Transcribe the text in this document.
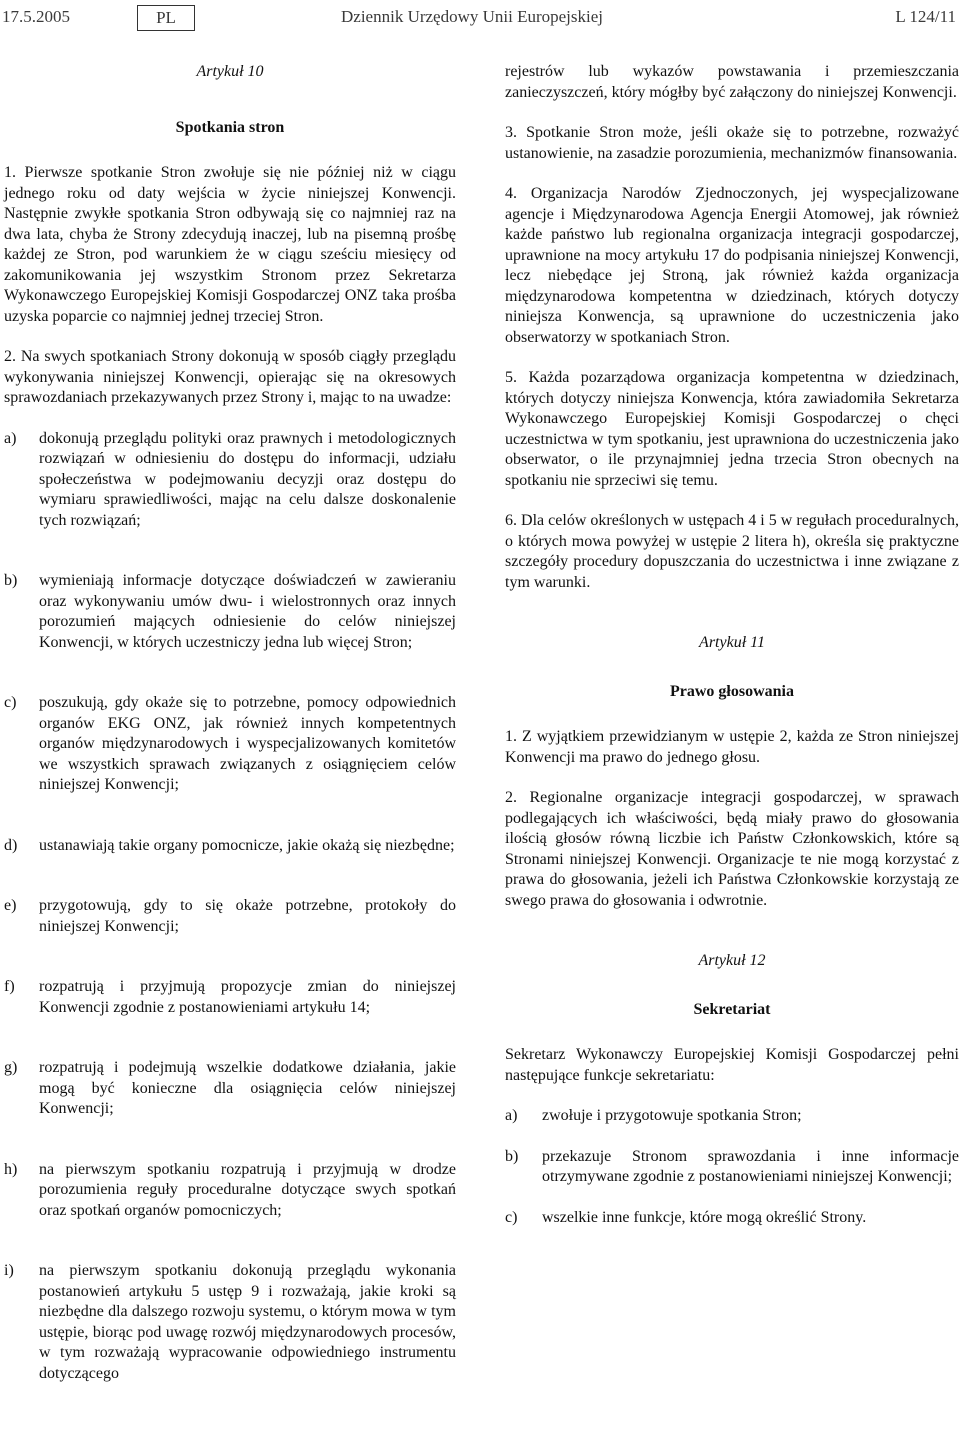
17.5.2005	PL	Dziennik Urzędowy Unii Europejskiej	L 124/11

Artykuł 10

Spotkania stron

1. Pierwsze spotkanie Stron zwołuje się nie później niż w ciągu jednego roku od daty wejścia w życie niniejszej Konwencji. Następnie zwykłe spotkania Stron odbywają się co najmniej raz na dwa lata, chyba że Strony zdecydują inaczej, lub na pisemną prośbę każdej ze Stron, pod warunkiem że w ciągu sześciu miesięcy od zakomunikowania jej wszystkim Stronom przez Sekretarza Wykonawczego Europejskiej Komisji Gospodarczej ONZ taka prośba uzyska poparcie co najmniej jednej trzeciej Stron.

2. Na swych spotkaniach Strony dokonują w sposób ciągły przeglądu wykonywania niniejszej Konwencji, opierając się na okresowych sprawozdaniach przekazywanych przez Strony i, mając to na uwadze:

a)	dokonują przeglądu polityki oraz prawnych i metodologicznych rozwiązań w odniesieniu do dostępu do informacji, udziału społeczeństwa w podejmowaniu decyzji oraz dostępu do wymiaru sprawiedliwości, mając na celu dalsze doskonalenie tych rozwiązań;
b)	wymieniają informacje dotyczące doświadczeń w zawieraniu oraz wykonywaniu umów dwu- i wielostronnych oraz innych porozumień mających odniesienie do celów niniejszej Konwencji, w których uczestniczy jedna lub więcej Stron;
c)	poszukują, gdy okaże się to potrzebne, pomocy odpowiednich organów EKG ONZ, jak również innych kompetentnych organów międzynarodowych i wyspecjalizowanych komitetów we wszystkich sprawach związanych z osiągnięciem celów niniejszej Konwencji;
d)	ustanawiają takie organy pomocnicze, jakie okażą się niezbędne;
e)	przygotowują, gdy to się okaże potrzebne, protokoły do niniejszej Konwencji;
f)	rozpatrują i przyjmują propozycje zmian do niniejszej Konwencji zgodnie z postanowieniami artykułu 14;
g)	rozpatrują i podejmują wszelkie dodatkowe działania, jakie mogą być konieczne dla osiągnięcia celów niniejszej Konwencji;
h)	na pierwszym spotkaniu rozpatrują i przyjmują w drodze porozumienia reguły proceduralne dotyczące swych spotkań oraz spotkań organów pomocniczych;
i)	na pierwszym spotkaniu dokonują przeglądu wykonania postanowień artykułu 5 ustęp 9 i rozważają, jakie kroki są niezbędne dla dalszego rozwoju systemu, o którym mowa w tym ustępie, biorąc pod uwagę rozwój międzynarodowych procesów, w tym rozważają wypracowanie odpowiedniego instrumentu dotyczącego

rejestrów lub wykazów powstawania i przemieszczania zanieczyszczeń, który mógłby być załączony do niniejszej Konwencji.

3. Spotkanie Stron może, jeśli okaże się to potrzebne, rozważyć ustanowienie, na zasadzie porozumienia, mechanizmów finansowania.

4. Organizacja Narodów Zjednoczonych, jej wyspecjalizowane agencje i Międzynarodowa Agencja Energii Atomowej, jak również każde państwo lub regionalna organizacja integracji gospodarczej, uprawnione na mocy artykułu 17 do podpisania niniejszej Konwencji, lecz niebędące jej Stroną, jak również każda organizacja międzynarodowa kompetentna w dziedzinach, których dotyczy niniejsza Konwencja, są uprawnione do uczestniczenia jako obserwatorzy w spotkaniach Stron.

5. Każda pozarządowa organizacja kompetentna w dziedzinach, których dotyczy niniejsza Konwencja, która zawiadomiła Sekretarza Wykonawczego Europejskiej Komisji Gospodarczej o chęci uczestnictwa w tym spotkaniu, jest uprawniona do uczestniczenia jako obserwator, o ile przynajmniej jedna trzecia Stron obecnych na spotkaniu nie sprzeciwi się temu.

6. Dla celów określonych w ustępach 4 i 5 w regułach proceduralnych, o których mowa powyżej w ustępie 2 litera h), określa się praktyczne szczegóły procedury dopuszczania do uczestnictwa i inne związane z tym warunki.

Artykuł 11

Prawo głosowania

1. Z wyjątkiem przewidzianym w ustępie 2, każda ze Stron niniejszej Konwencji ma prawo do jednego głosu.

2. Regionalne organizacje integracji gospodarczej, w sprawach podlegających ich właściwości, będą miały prawo do głosowania ilością głosów równą liczbie ich Państw Członkowskich, które są Stronami niniejszej Konwencji. Organizacje te nie mogą korzystać z prawa do głosowania, jeżeli ich Państwa Członkowskie korzystają ze swego prawa do głosowania i odwrotnie.

Artykuł 12

Sekretariat

Sekretarz Wykonawczy Europejskiej Komisji Gospodarczej pełni następujące funkcje sekretariatu:

a)	zwołuje i przygotowuje spotkania Stron;
b)	przekazuje Stronom sprawozdania i inne informacje otrzymywane zgodnie z postanowieniami niniejszej Konwencji;
c)	wszelkie inne funkcje, które mogą określić Strony.
